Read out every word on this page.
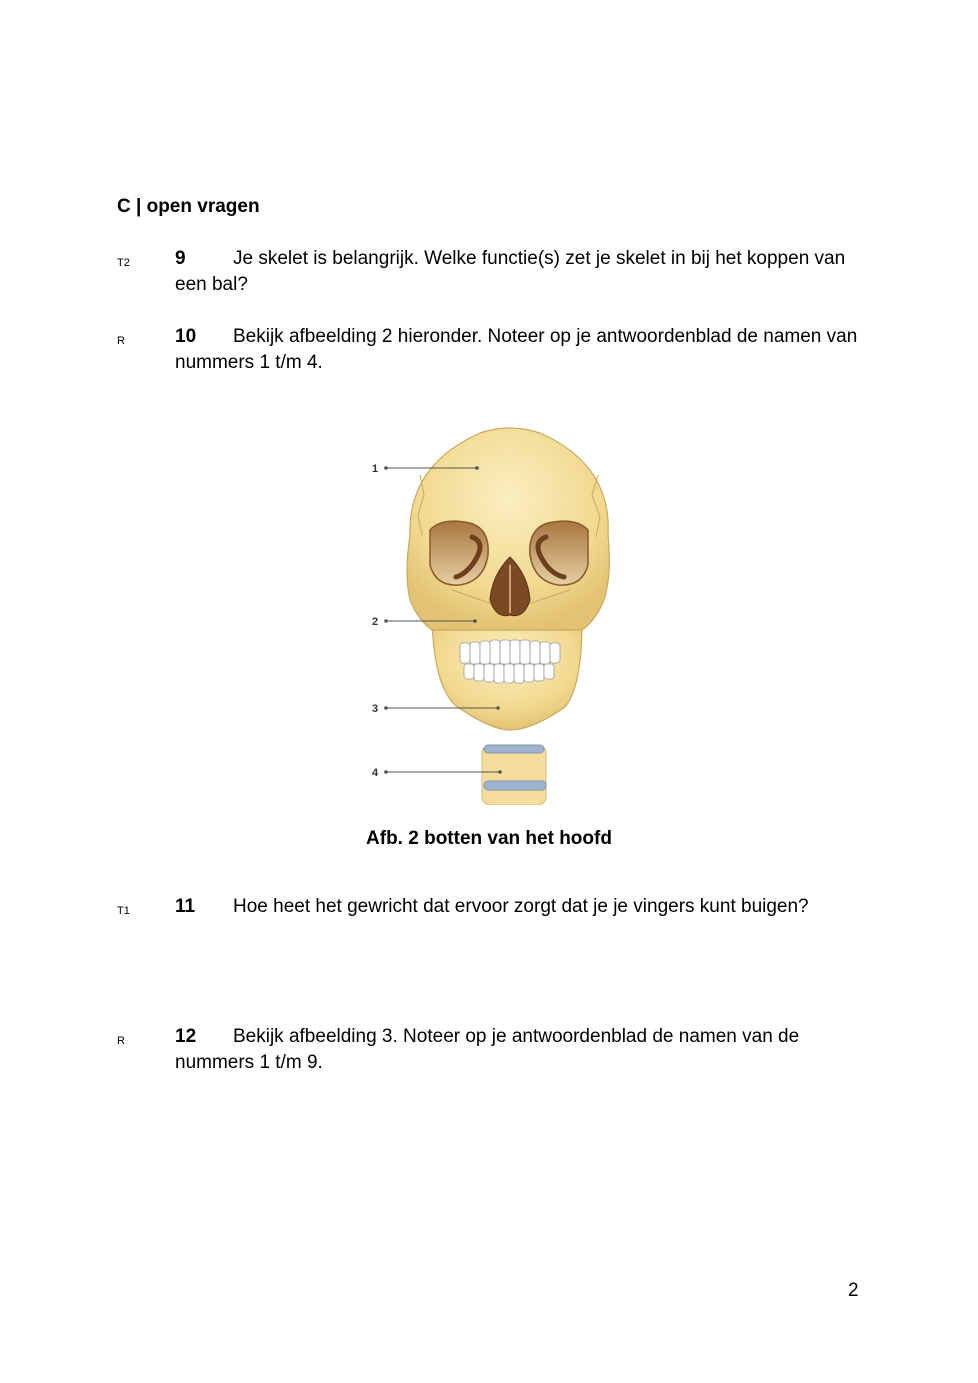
C | open vragen
T2 9	Je skelet is belangrijk. Welke functie(s) zet je skelet in bij het koppen van een bal?
R	10	Bekijk afbeelding 2 hieronder. Noteer op je antwoordenblad de namen van nummers 1 t/m 4.
1
2
3
4
Afb. 2 botten van het hoofd
T1 11	Hoe heet het gewricht dat ervoor zorgt dat je je vingers kunt buigen?
R	12	Bekijk afbeelding 3. Noteer op je antwoordenblad de namen van de nummers 1 t/m 9.
2
